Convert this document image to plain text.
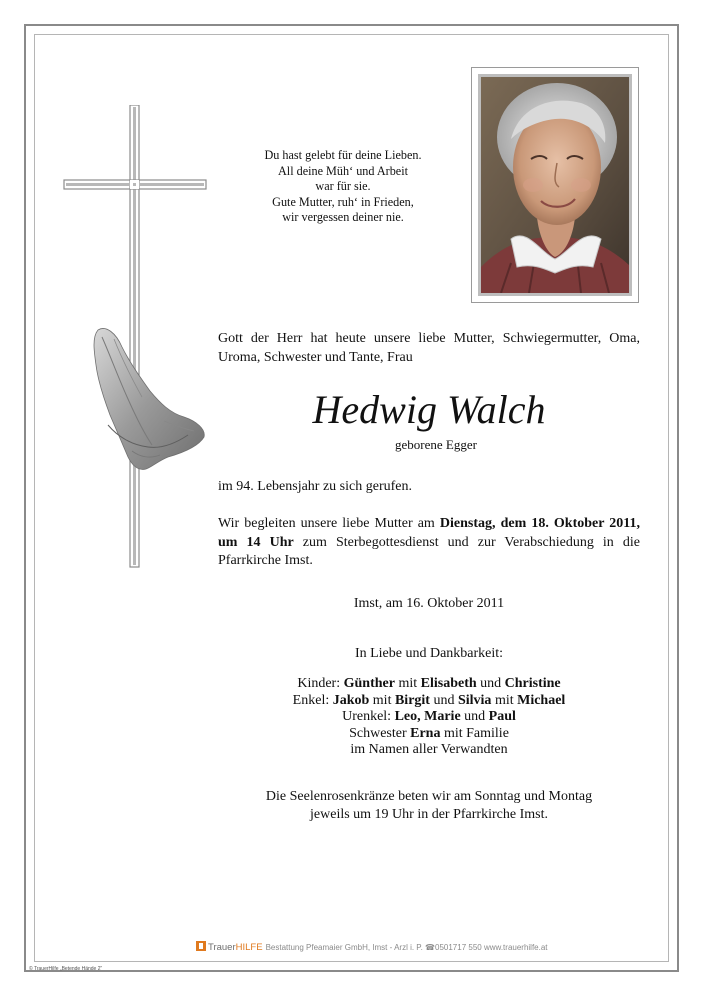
Du hast gelebt für deine Lieben.
All deine Müh‘ und Arbeit
war für sie.
Gute Mutter, ruh‘ in Frieden,
wir vergessen deiner nie.
Gott der Herr hat heute unsere liebe Mutter, Schwiegermutter, Oma, Uroma, Schwester und Tante, Frau
Hedwig Walch
geborene Egger
im 94. Lebensjahr zu sich gerufen.
Wir begleiten unsere liebe Mutter am Dienstag, dem 18. Oktober 2011, um 14 Uhr zum Sterbegottesdienst und zur Verabschiedung in die Pfarrkirche Imst.
Imst, am 16. Oktober 2011
In Liebe und Dankbarkeit:
Kinder: Günther mit Elisabeth und Christine
Enkel: Jakob mit Birgit und Silvia mit Michael
Urenkel: Leo, Marie und Paul
Schwester Erna mit Familie
im Namen aller Verwandten
Die Seelenrosenkränze beten wir am Sonntag und Montag
jeweils um 19 Uhr in der Pfarrkirche Imst.
TrauerHILFE Bestattung Pfeamaier GmbH, Imst - Arzl i. P. ☎0501717 550 www.trauerhilfe.at
© TrauerHilfe „Betende Hände 2“
